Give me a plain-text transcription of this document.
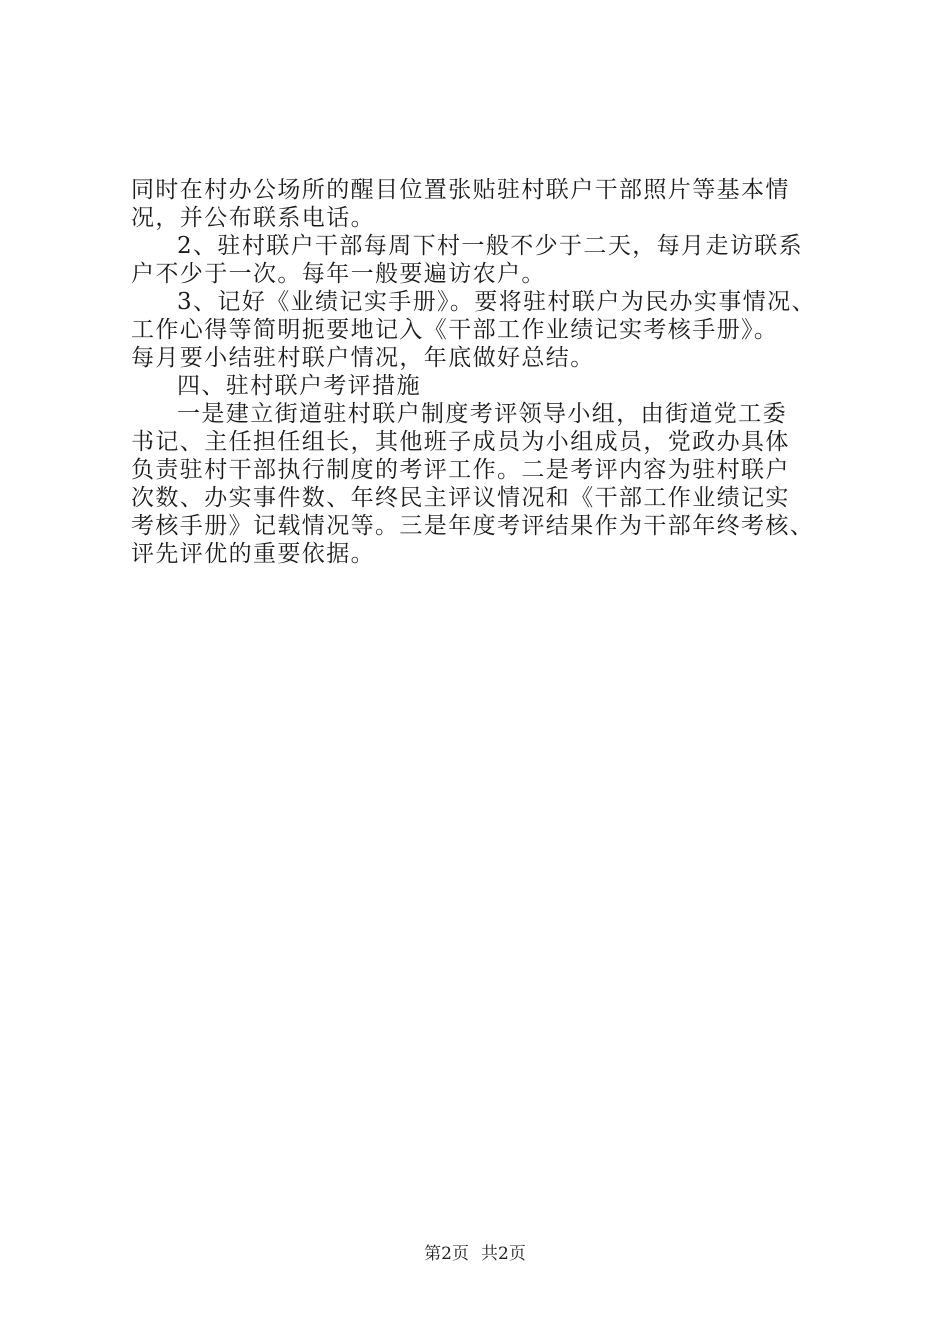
同时在村办公场所的醒目位置张贴驻村联户干部照片等基本情
况，并公布联系电话。
2、驻村联户干部每周下村一般不少于二天，每月走访联系
户不少于一次。每年一般要遍访农户。
3、记好《业绩记实手册》。要将驻村联户为民办实事情况、
工作心得等简明扼要地记入《干部工作业绩记实考核手册》。
每月要小结驻村联户情况，年底做好总结。
四、驻村联户考评措施
一是建立街道驻村联户制度考评领导小组，由街道党工委
书记、主任担任组长，其他班子成员为小组成员，党政办具体
负责驻村干部执行制度的考评工作。二是考评内容为驻村联户
次数、办实事件数、年终民主评议情况和《干部工作业绩记实
考核手册》记载情况等。三是年度考评结果作为干部年终考核、
评先评优的重要依据。
第2页 共2页
